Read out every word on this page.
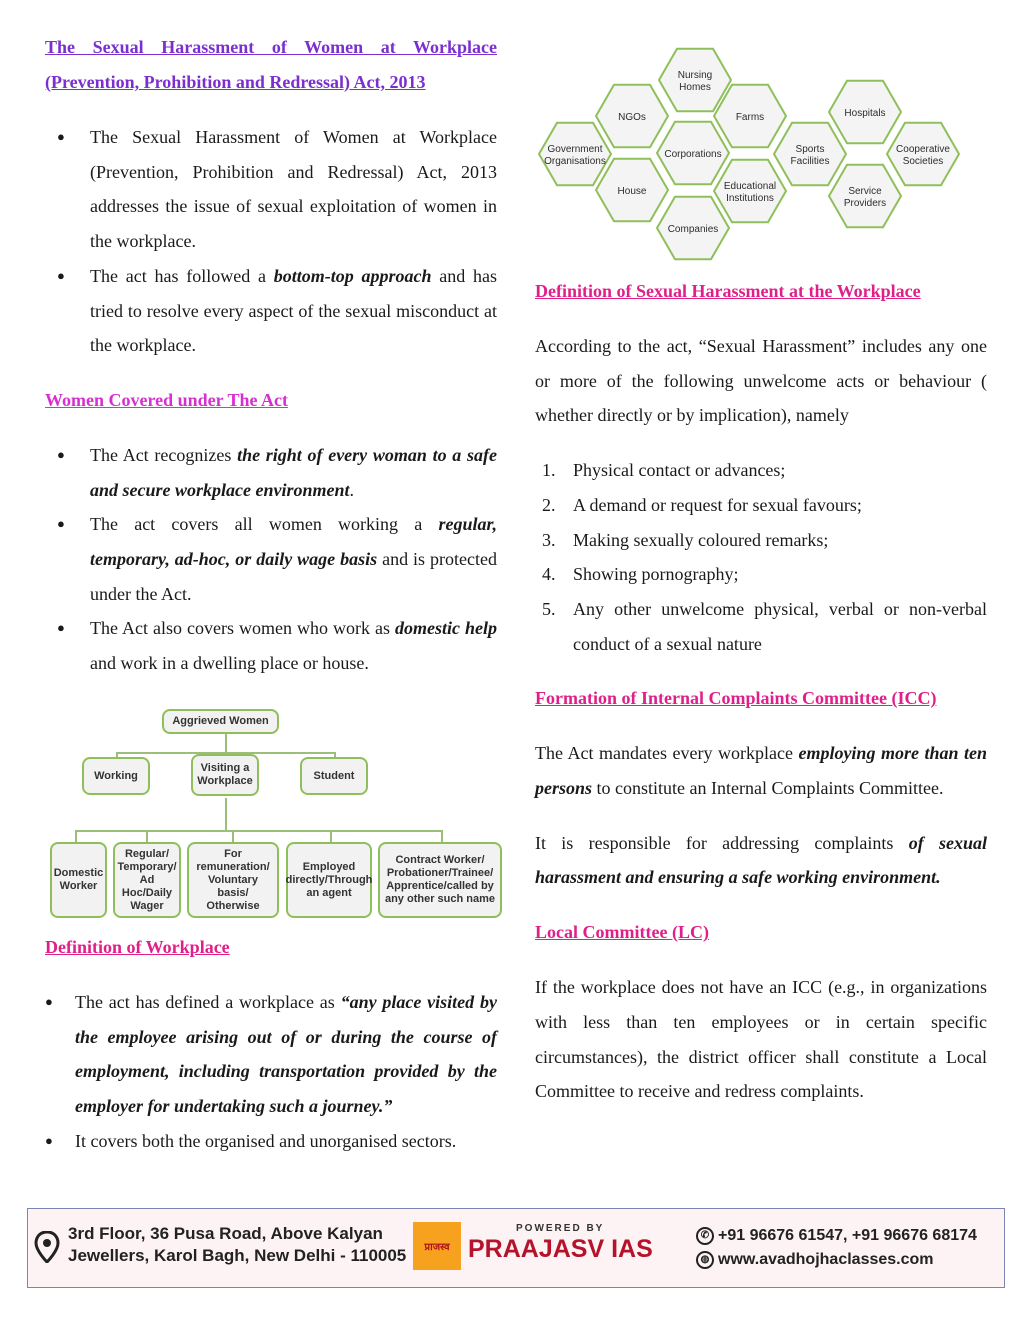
The Sexual Harassment of Women at Workplace
(Prevention, Prohibition and Redressal) Act, 2013
● The Sexual Harassment of Women at Workplace (Prevention, Prohibition and Redressal) Act, 2013 addresses the issue of sexual exploitation of women in the workplace.
● The act has followed a bottom-top approach and has tried to resolve every aspect of the sexual misconduct at the workplace.
Women Covered under The Act
● The Act recognizes the right of every woman to a safe and secure workplace environment.
● The act covers all women working a regular, temporary, ad-hoc, or daily wage basis and is protected under the Act.
● The Act also covers women who work as domestic help and work in a dwelling place or house.
Aggrieved Women
Working
Visiting a Workplace	Student
Domestic Worker
Regular/ Temporary/ Ad Hoc/Daily Wager
For remuneration/ Voluntary basis/ Otherwise
Employed directly/Through an agent
Contract Worker/ Probationer/Trainee/ Apprentice/called by any other such name
Definition of Workplace
● The act has defined a workplace as “any place visited by the employee arising out of or during the course of employment, including transportation provided by the employer for undertaking such a journey.”
● It covers both the organised and unorganised sectors.
Nursing Homes
NGOs	Farms	Hospitals
Government Organisations
Corporations	Sports Facilities
Cooperative Societies
House	Educational Institutions
Service Providers
Companies
Definition of Sexual Harassment at the Workplace

According to the act, “Sexual Harassment” includes any one or more of the following unwelcome acts or behaviour ( whether directly or by implication), namely

1. Physical contact or advances;
2. A demand or request for sexual favours;
3. Making sexually coloured remarks;
4. Showing pornography;
5. Any other unwelcome physical, verbal or non-verbal conduct of a sexual nature
Formation of Internal Complaints Committee (ICC)

The Act mandates every workplace employing more than ten persons to constitute an Internal Complaints Committee.

It is responsible for addressing complaints of sexual harassment and ensuring a safe working environment.

Local Committee (LC)

If the workplace does not have an ICC (e.g., in organizations with less than ten employees or in certain specific circumstances), the district officer shall constitute a Local Committee to receive and redress complaints.

3rd Floor, 36 Pusa Road, Above Kalyan
Jewellers, Karol Bagh, New Delhi - 110005	प्राजस्व
POWERED BY
PRAAJASV IAS	✆ +91 96676 61547, +91 96676 68174
◍ www.avadhojhaclasses.com
